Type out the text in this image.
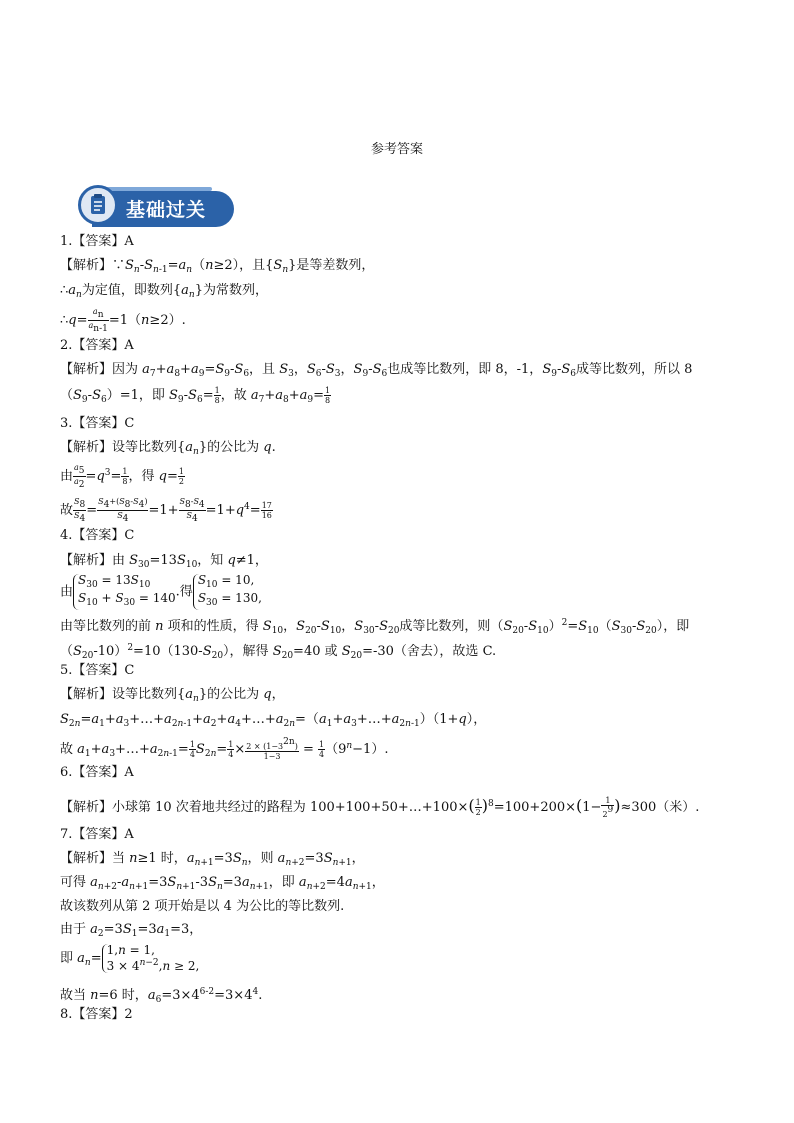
参考答案
基础过关
1.【答案】A
【解析】$\because S_n-S_{n-1}=a_n(n\ge 2)$，且$\{S_n\}$是等差数列，
$\therefore a_n$为定值，即数列$\{a_n\}$为常数列，
∴q= $\frac{a_n}{a_{n-1}} =1(n\ge 2)$.
2.【答案】A
【解析】因为 $a_7+a_8+a_9=S_9-S_6$，且 $S_3$，$S_6-S_3$，$S_9-S_6$也成等比数列，即 8，-1，$S_9-S_6$成等比数列，所以 8
$(S_9-S_6)=1$，即 $S_9-S_6= \frac{1}{8}$ ，故 $a_7+a_8+a_9= \frac{1}{8}$
3.【答案】C
【解析】设等比数列$\{a_n\}$的公比为 q.
由 $\frac{a_5}{a_2} =q^3= \frac{1}{8}$ ，得 $q= \frac{1}{2}$
故 $\frac{S_8}{S_4} = \frac{S_4+(S_8-S_4)}{S_4} =1+ \frac{S_8-S_4}{S_4} =1+q^4= \frac{17}{16}$
4.【答案】C
【解析】由 $S_{30}=13S_{10}$，知 q≠1，
由$S_{30} = 13S_{10}$
$S_{10} + S_{30} = 140$.得$S_{10} = 10$,
$S_{30} = 130$,
由等比数列的前 n 项和的性质，得 $S_{10}$，$S_{20}-S_{10}$，$S_{30}-S_{20}$成等比数列，则$(S_{20}-S_{10})^2=S_{10}(S_{30}-S_{20})$，即
$(S_{20}-10)^2=10(130-S_{20})$，解得 $S_{20}=40$ 或 $S_{20}=-30$（舍去），故选 C.
5.【答案】C
【解析】设等比数列$\{a_n\}$的公比为 q，
$S_{2n}=a_1+a_3+\dots+a_{2n-1}+a_2+a_4+\dots+a_{2n}=(a_1+a_3+\dots+a_{2n-1})(1+q)$，
故 $a_1+a_3+\dots+a_{2n-1}= \frac{1}{4} S_{2n}= \frac{1}{4} \times \frac{2 \times (1-3^{2n})}{1-3} = \frac{1}{4} (9^n-1)$.
6.【答案】A
【解析】小球第 10 次着地共经过的路程为 100+100+50+…+100×( $\frac{1}{2} )^8=100+200\times(1- \frac{1}{2^9} )\approx 300$（米）.
7.【答案】A
【解析】当 n≥1 时，$a_{n+1}=3S_n$，则 $a_{n+2}=3S_{n+1}$，
可得 $a_{n+2}-a_{n+1}=3S_{n+1}-3S_n=3a_{n+1}$，即 $a_{n+2}=4a_{n+1}$，
故该数列从第 2 项开始是以 4 为公比的等比数列.
由于 $a_2=3S_1=3a_1=3$，
即 $a_n=1,n = 1$,
$3 \times 4^{n-2},n \ge 2$,
故当 n=6 时，$a_6=3\times 4^{6-2}=3\times 4^4$.
8.【答案】2
